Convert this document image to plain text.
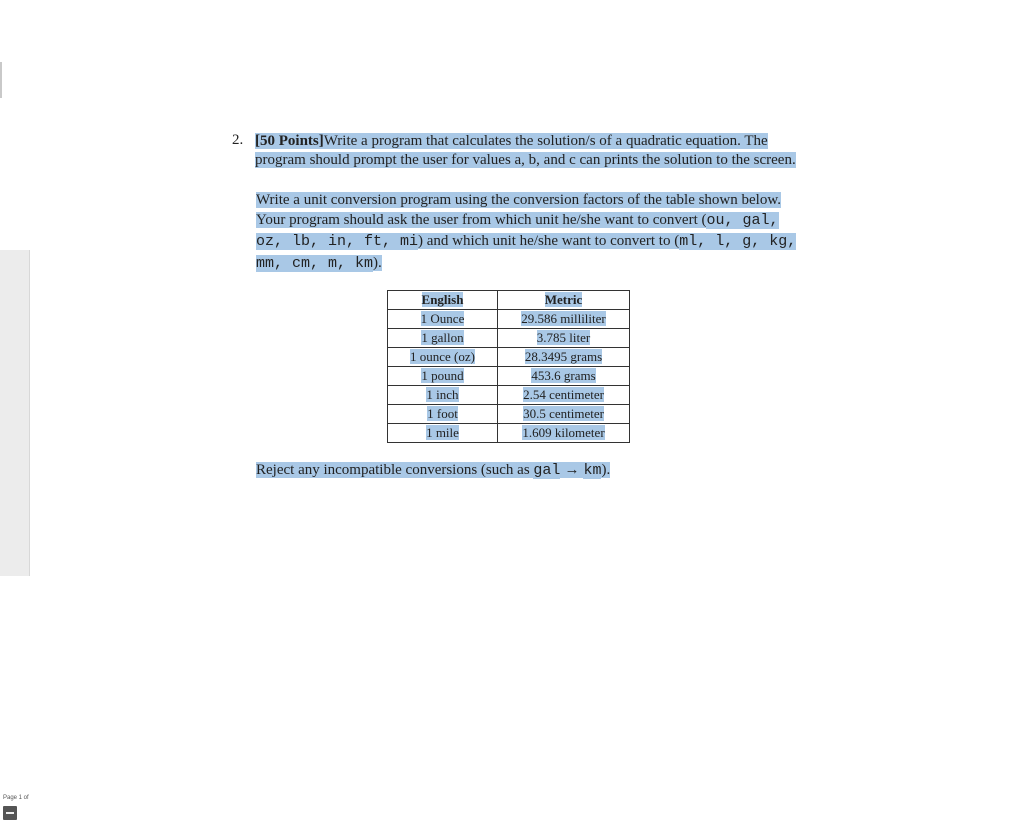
Page 1 of
2. [50 Points]Write a program that calculates the solution/s of a quadratic equation. The
program should prompt the user for values a, b, and c can prints the solution to the screen.
Write a unit conversion program using the conversion factors of the table shown below.
Your program should ask the user from which unit he/she want to convert (ou, gal,
oz, lb, in, ft, mi) and which unit he/she want to convert to (ml, l, g, kg,
mm, cm, m, km).
English	Metric
1 Ounce	29.586 milliliter
1 gallon	3.785 liter
1 ounce (oz)	28.3495 grams
1 pound	453.6 grams
1 inch	2.54 centimeter
1 foot	30.5 centimeter
1 mile	1.609 kilometer
Reject any incompatible conversions (such as gal → km).
